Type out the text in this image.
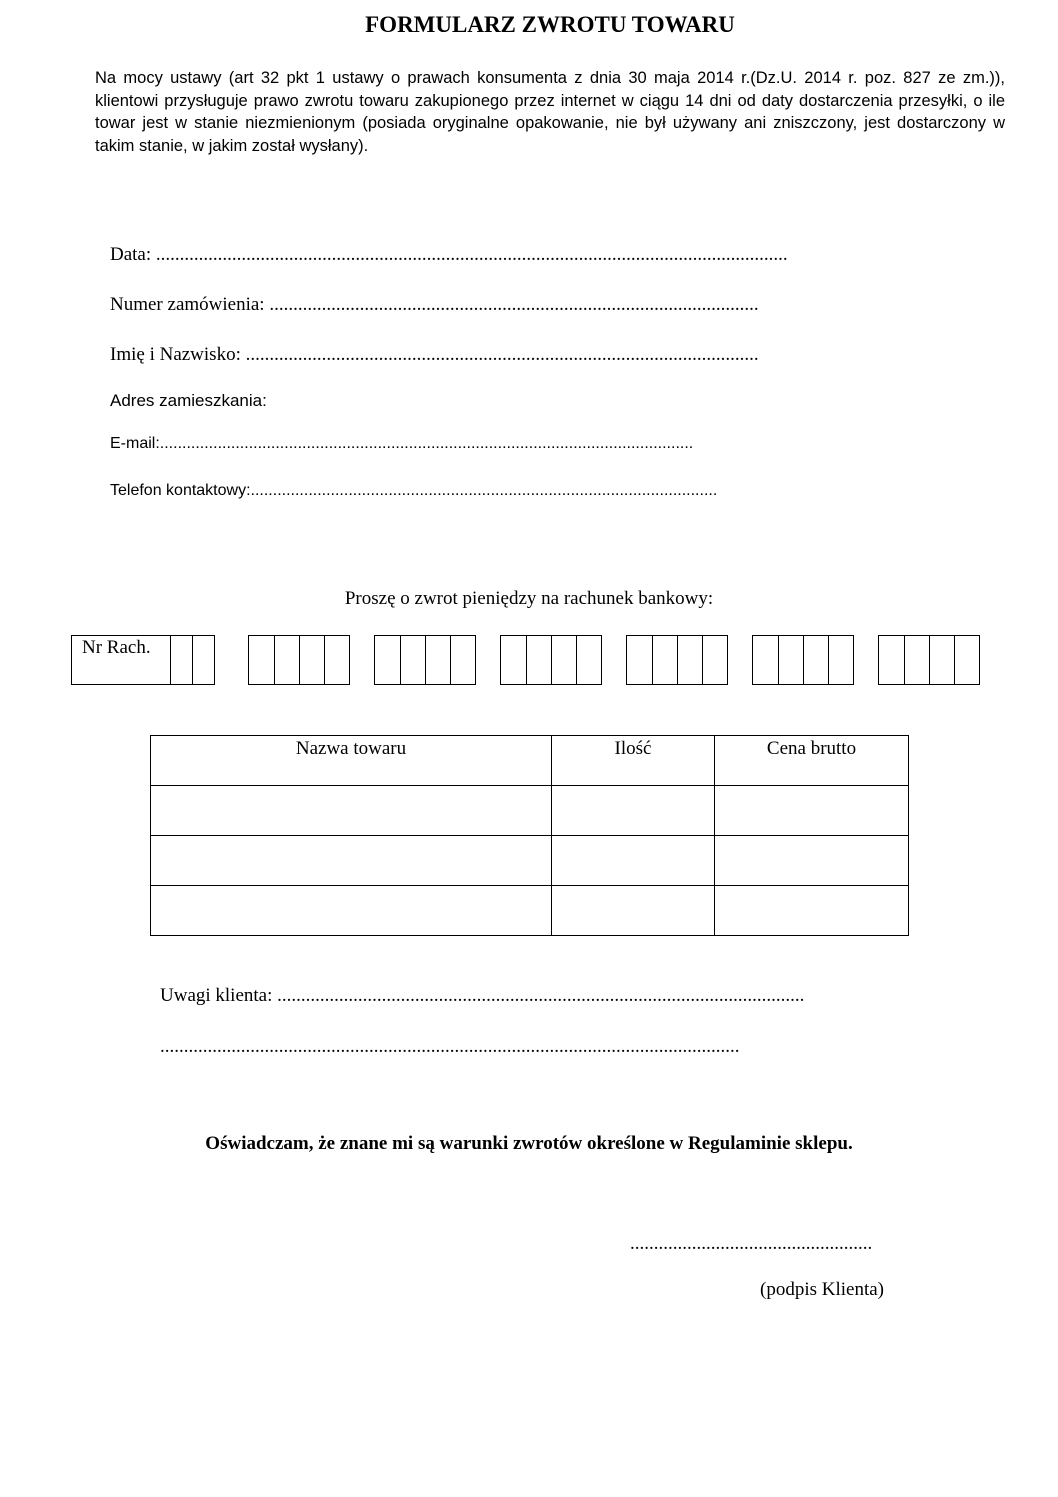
FORMULARZ ZWROTU TOWARU

Na mocy ustawy (art 32 pkt 1 ustawy o prawach konsumenta z dnia 30 maja 2014 r.(Dz.U. 2014 r. poz. 827 ze zm.)), klientowi przysługuje prawo zwrotu towaru zakupionego przez internet w ciągu 14 dni od daty dostarczenia przesyłki, o ile towar jest w stanie niezmienionym (posiada oryginalne opakowanie, nie był używany ani zniszczony, jest dostarczony w takim stanie, w jakim został wysłany).

Data: .....................................................................................................................................
Numer zamówienia: .......................................................................................................
Imię i Nazwisko: ............................................................................................................
Adres zamieszkania:
E-mail:........................................................................................................................
Telefon kontaktowy:.........................................................................................................
Proszę o zwrot pieniędzy na rachunek bankowy:
Nr Rach.
Nazwa towaru	Ilość	Cena brutto

Uwagi klienta: ...............................................................................................................
..........................................................................................................................
Oświadczam, że znane mi są warunki zwrotów określone w Regulaminie sklepu.
...................................................
(podpis Klienta)
